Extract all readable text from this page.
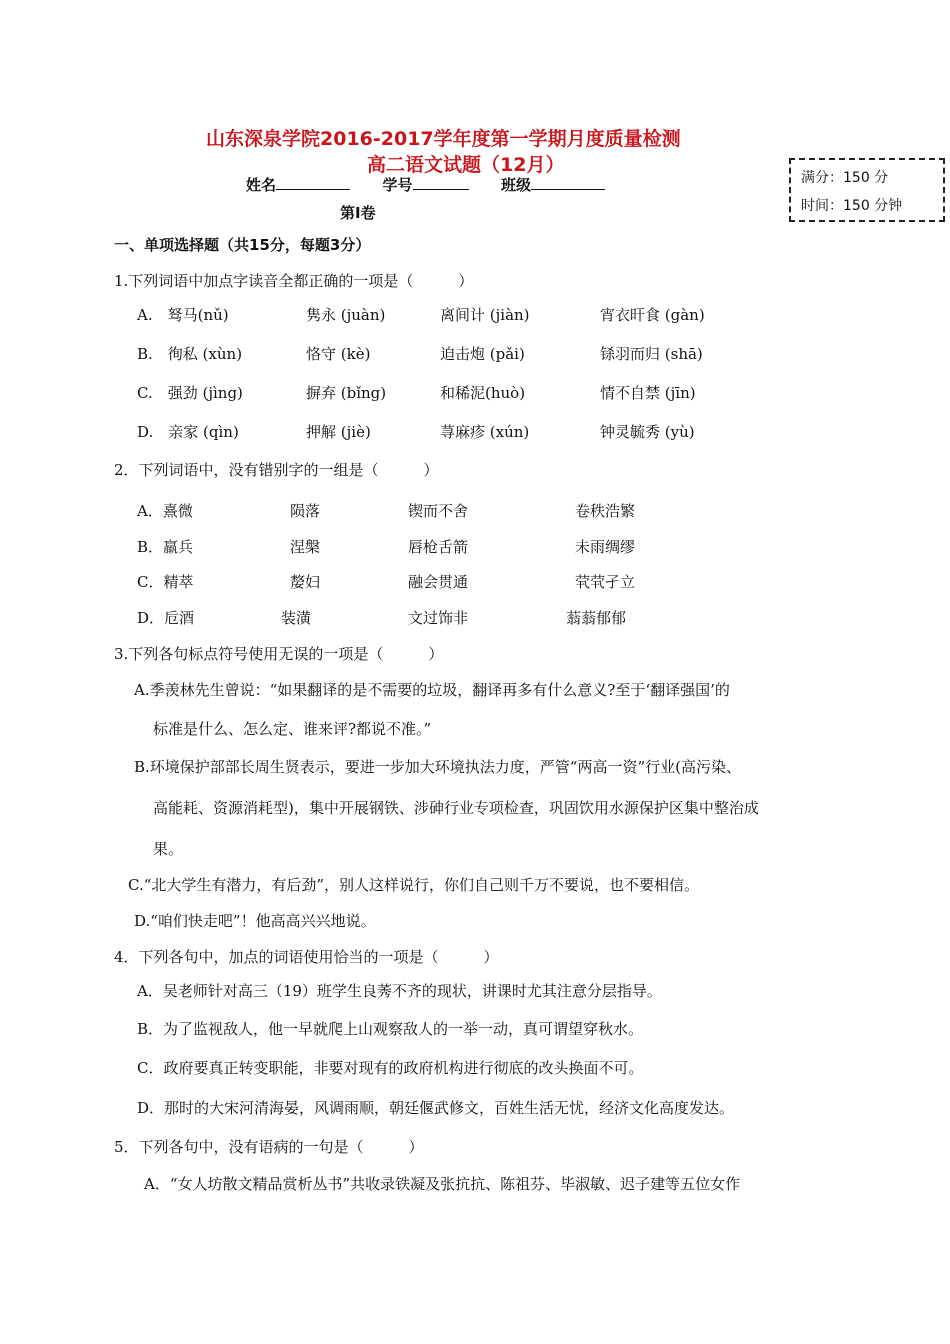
山东深泉学院2016-2017学年度第一学期月度质量检测
高二语文试题（12月）
姓名	学号	班级	满分：150 分
时间：150 分钟
第Ⅰ卷
一、单项选择题（共15分，每题3分）
1.下列词语中加点字读音全都正确的一项是（　　　）
A.　驽马(nǔ)	隽永 (juàn)	离间计 (jiàn)	宵衣旰食 (gàn)
B.　徇私 (xùn)	恪守 (kè)	迫击炮 (pǎi)	铩羽而归 (shā)
C.　强劲 (jìng)	摒弃 (bǐng)	和稀泥(huò)	情不自禁 (jīn)
D.　亲家 (qìn)	押解 (jiè)	荨麻疹 (xún)	钟灵毓秀 (yù)
2．下列词语中，没有错别字的一组是（　　　）
A．熹微	陨落	锲而不舍	卷秩浩繁
B．羸兵	涅槃	唇枪舌箭	未雨绸缪
C．精萃	嫠妇	融会贯通	茕茕孑立
D．卮酒	装潢	文过饰非	蓊蓊郁郁
3.下列各句标点符号使用无误的一项是（　　　）
A.季羡林先生曾说：“如果翻译的是不需要的垃圾，翻译再多有什么意义?至于‘翻译强国’的
标准是什么、怎么定、谁来评?都说不准。”
B.环境保护部部长周生贤表示，要进一步加大环境执法力度，严管“两高一资”行业(高污染、
高能耗、资源消耗型)，集中开展钢铁、涉砷行业专项检查，巩固饮用水源保护区集中整治成
果。
C.“北大学生有潜力，有后劲”，别人这样说行，你们自己则千万不要说，也不要相信。
D.“咱们快走吧”！他高高兴兴地说。
4．下列各句中，加点的词语使用恰当的一项是（　　　）
A．吴老师针对高三（19）班学生良莠不齐的现状，讲课时尤其注意分层指导。
B．为了监视敌人，他一早就爬上山观察敌人的一举一动，真可谓望穿秋水。
C．政府要真正转变职能，非要对现有的政府机构进行彻底的改头换面不可。
D．那时的大宋河清海晏，风调雨顺，朝廷偃武修文，百姓生活无忧，经济文化高度发达。
5．下列各句中，没有语病的一句是（　　　）
A．“女人坊散文精品赏析丛书”共收录铁凝及张抗抗、陈祖芬、毕淑敏、迟子建等五位女作
